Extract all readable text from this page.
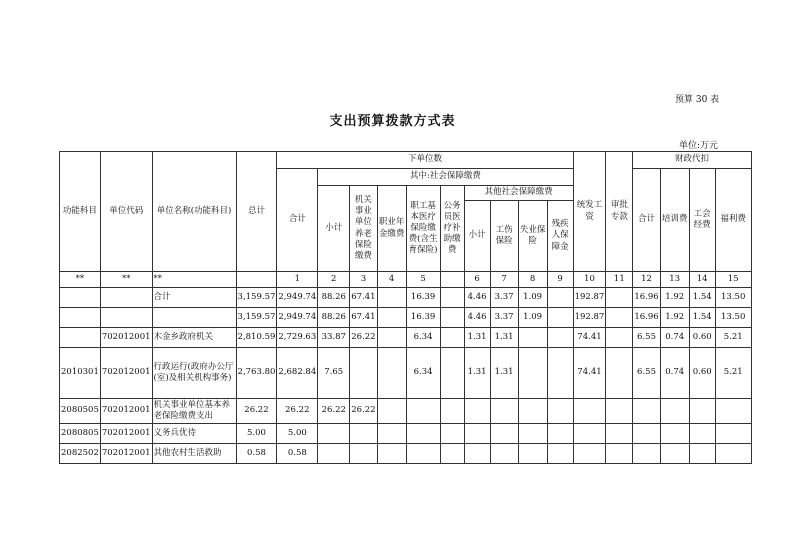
预算 30 表
支出预算拨款方式表
单位:万元
功能科目	单位代码	单位名称(功能科目)	总计	下单位数										统发工资	审批专款	财政代扣			
				合计	其中:社会保障缴费											合计	培训费	工会经费	福利费
					小计	机关事业单位养老保险缴费	职业年金缴费	职工基本医疗保险缴费(含生育保险)	公务员医疗补助缴费	其他社会保障缴费									
										小计	工伤保险	失业保险	残疾人保障金						
**	**	**		1	2	3	4	5		6	7	8	9	10	11	12	13	14	15
		合计	3,159.57	2,949.74	88.26	67.41		16.39		4.46	3.37	1.09		192.87		16.96	1.92	1.54	13.50
			3,159.57	2,949.74	88.26	67.41		16.39		4.46	3.37	1.09		192.87		16.96	1.92	1.54	13.50
	702012001	木金乡政府机关	2,810.59	2,729.63	33.87	26.22		6.34		1.31	1.31			74.41		6.55	0.74	0.60	5.21
2010301	702012001	行政运行(政府办公厅(室)及相关机构事务)	2,763.80	2,682.84	7.65			6.34		1.31	1.31			74.41		6.55	0.74	0.60	5.21
2080505	702012001	机关事业单位基本养老保险缴费支出	26.22	26.22	26.22	26.22													
2080805	702012001	义务兵优待	5.00	5.00															
2082502	702012001	其他农村生活救助	0.58	0.58															
